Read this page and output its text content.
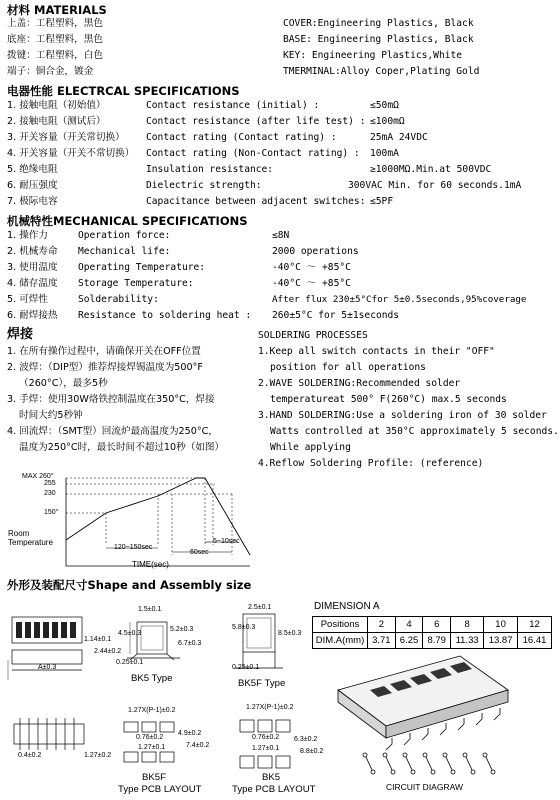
材料 MATERIALS
上盖：工程塑料，黑色
底座：工程塑料，黑色
拨键：工程塑料，白色
端子：铜合金，镀金
COVER:Engineering Plastics, Black
BASE: Engineering Plastics, Black
KEY: Engineering Plastics,White
TMERMINAL:Alloy Coper,Plating Gold
电器性能 ELECTRCAL SPECIFICATIONS
1. 接触电阻（初始值）	Contact resistance (initial) :	≤50mΩ
2. 接触电阻（测试后）	Contact resistance (after life test) : ≤100mΩ
3. 开关容量（开关常切换） Contact rating (Contact rating) :	25mA 24VDC
4. 开关容量（开关不常切换） Contact rating (Non-Contact rating) : 100mA
5. 绝缘电阻	Insulation resistance:	≥1000MΩ.Min.at 500VDC
6. 耐压强度	Dielectric strength:	300VAC Min. for 60 seconds.1mA
7. 极际电容	Capacitance between adjacent switches: ≤5PF
机械特性MECHANICAL SPECIFICATIONS
1. 操作力	Operation force:	≤8N
2. 机械寿命 Mechanical life:	2000 operations
3. 使用温度 Operating Temperature:	-40°C ～ +85°C
4. 储存温度 Storage Temperature:	-40°C ～ +85°C
5. 可焊性	Solderability:	After flux 230±5°Cfor 5±0.5seconds,95%coverage
6. 耐焊接热 Resistance to soldering heat : 260±5°C for 5±1seconds
焊接	SOLDERING PROCESSES
1. 在所有操作过程中，请确保开关在OFF位置
2. 波焊：（DIP型）推荐焊接焊锡温度为500°F
（260°C），最多5秒
3. 手焊：使用30W烙铁控制温度在350°C，焊接
时间大约5秒钟
4. 回流焊：（SMT型）回流炉最高温度为250°C，
温度为250°C时，最长时间不超过10秒（如图）
1.Keep all switch contacts in their "OFF"
position for all operations
2.WAVE SOLDERING:Recommended solder
temperatureat 500° F(260°C) max.5 seconds
3.HAND SOLDERING:Use a soldering iron of 30 solder
Watts controlled at 350°C approximately 5 seconds.
While applying
4.Reflow Soldering Profile: (reference)
MAX 260°
255
230
150°
Room
Temperature
120~150sec
60sec
5~10sec
TIME(sec)
外形及装配尺寸Shape and Assembly size
DIMENSION A
Positions	2	4	6	8	10	12
DIM.A(mm)	3.71	6.25	8.79	11.33	13.87	16.41
A±0.3
1.5±0.1
4.5±0.3
5.2±0.3
6.7±0.3
0.25±0.1
2.5±0.1
5.8±0.3
8.5±0.3
0.25±0.1
1.14±0.1
2.44±0.2
0.4±0.2	1.27±0.2
1.27X(P-1)±0.2
0.76±0.2
1.27±0.1
4.9±0.2
7.4±0.2
1.27X(P-1)±0.2
0.76±0.2
1.27±0.1
6.3±0.2
8.8±0.2
BK5 Type	BK5F Type
BK5F
Type PCB LAYOUT
BK5
Type PCB LAYOUT	CIRCUIT DIAGRAW
